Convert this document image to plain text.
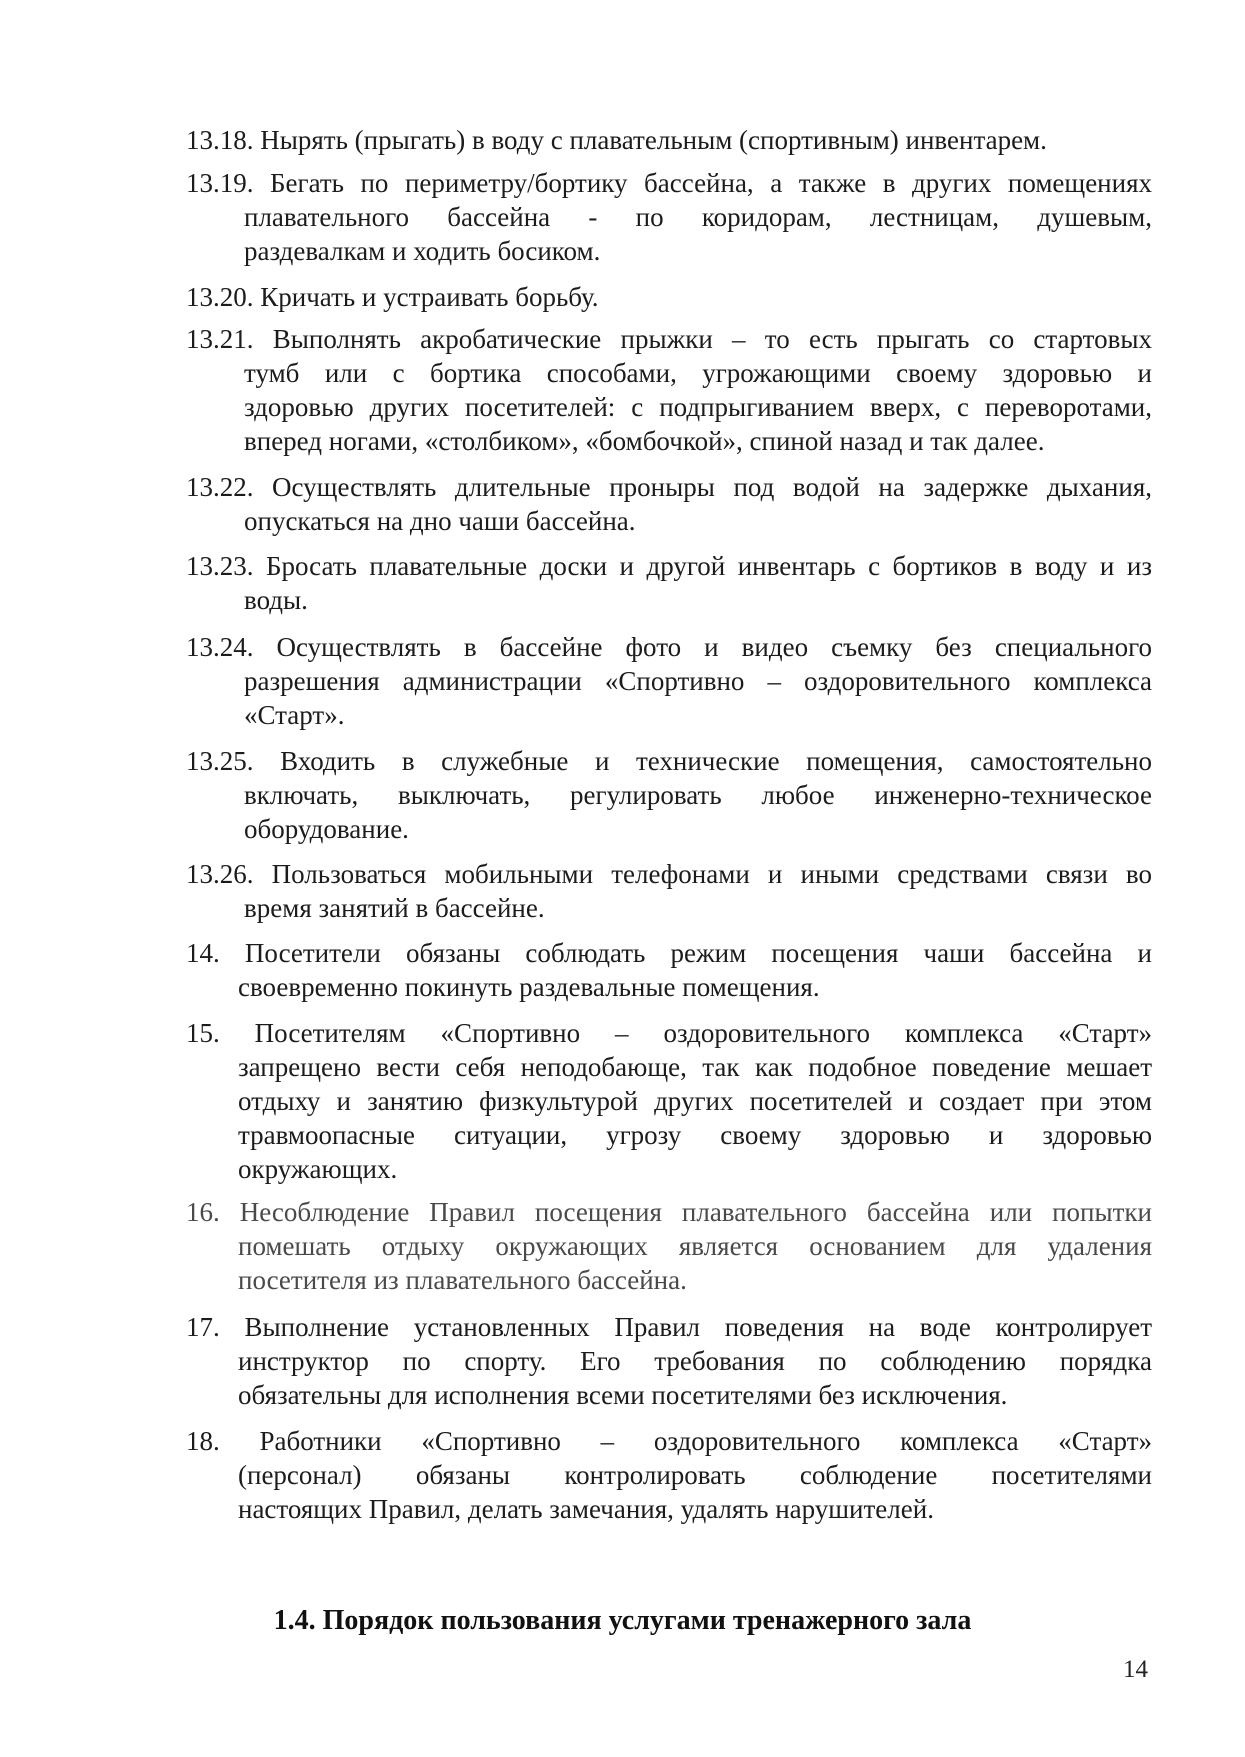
13.18. Нырять (прыгать) в воду с плавательным (спортивным) инвентарем.
13.19. Бегать по периметру/бортику бассейна, а также в других помещениях
плавательного бассейна - по коридорам, лестницам, душевым,
раздевалкам и ходить босиком.
13.20. Кричать и устраивать борьбу.
13.21. Выполнять акробатические прыжки – то есть прыгать со стартовых
тумб или с бортика способами, угрожающими своему здоровью и
здоровью других посетителей: с подпрыгиванием вверх, с переворотами,
вперед ногами, «столбиком», «бомбочкой», спиной назад и так далее.
13.22. Осуществлять длительные проныры под водой на задержке дыхания,
опускаться на дно чаши бассейна.
13.23. Бросать плавательные доски и другой инвентарь с бортиков в воду и из
воды.
13.24. Осуществлять в бассейне фото и видео съемку без специального
разрешения администрации «Спортивно – оздоровительного комплекса
«Старт».
13.25. Входить в служебные и технические помещения, самостоятельно
включать, выключать, регулировать любое инженерно-техническое
оборудование.
13.26. Пользоваться мобильными телефонами и иными средствами связи во
время занятий в бассейне.
14. Посетители обязаны соблюдать режим посещения чаши бассейна и
своевременно покинуть раздевальные помещения.
15. Посетителям «Спортивно – оздоровительного комплекса «Старт»
запрещено вести себя неподобающе, так как подобное поведение мешает
отдыху и занятию физкультурой других посетителей и создает при этом
травмоопасные ситуации, угрозу своему здоровью и здоровью
окружающих.
16. Несоблюдение Правил посещения плавательного бассейна или попытки
помешать отдыху окружающих является основанием для удаления
посетителя из плавательного бассейна.
17. Выполнение установленных Правил поведения на воде контролирует
инструктор по спорту. Его требования по соблюдению порядка
обязательны для исполнения всеми посетителями без исключения.
18. Работники «Спортивно – оздоровительного комплекса «Старт»
(персонал) обязаны контролировать соблюдение посетителями
настоящих Правил, делать замечания, удалять нарушителей.
1.4. Порядок пользования услугами тренажерного зала
14
